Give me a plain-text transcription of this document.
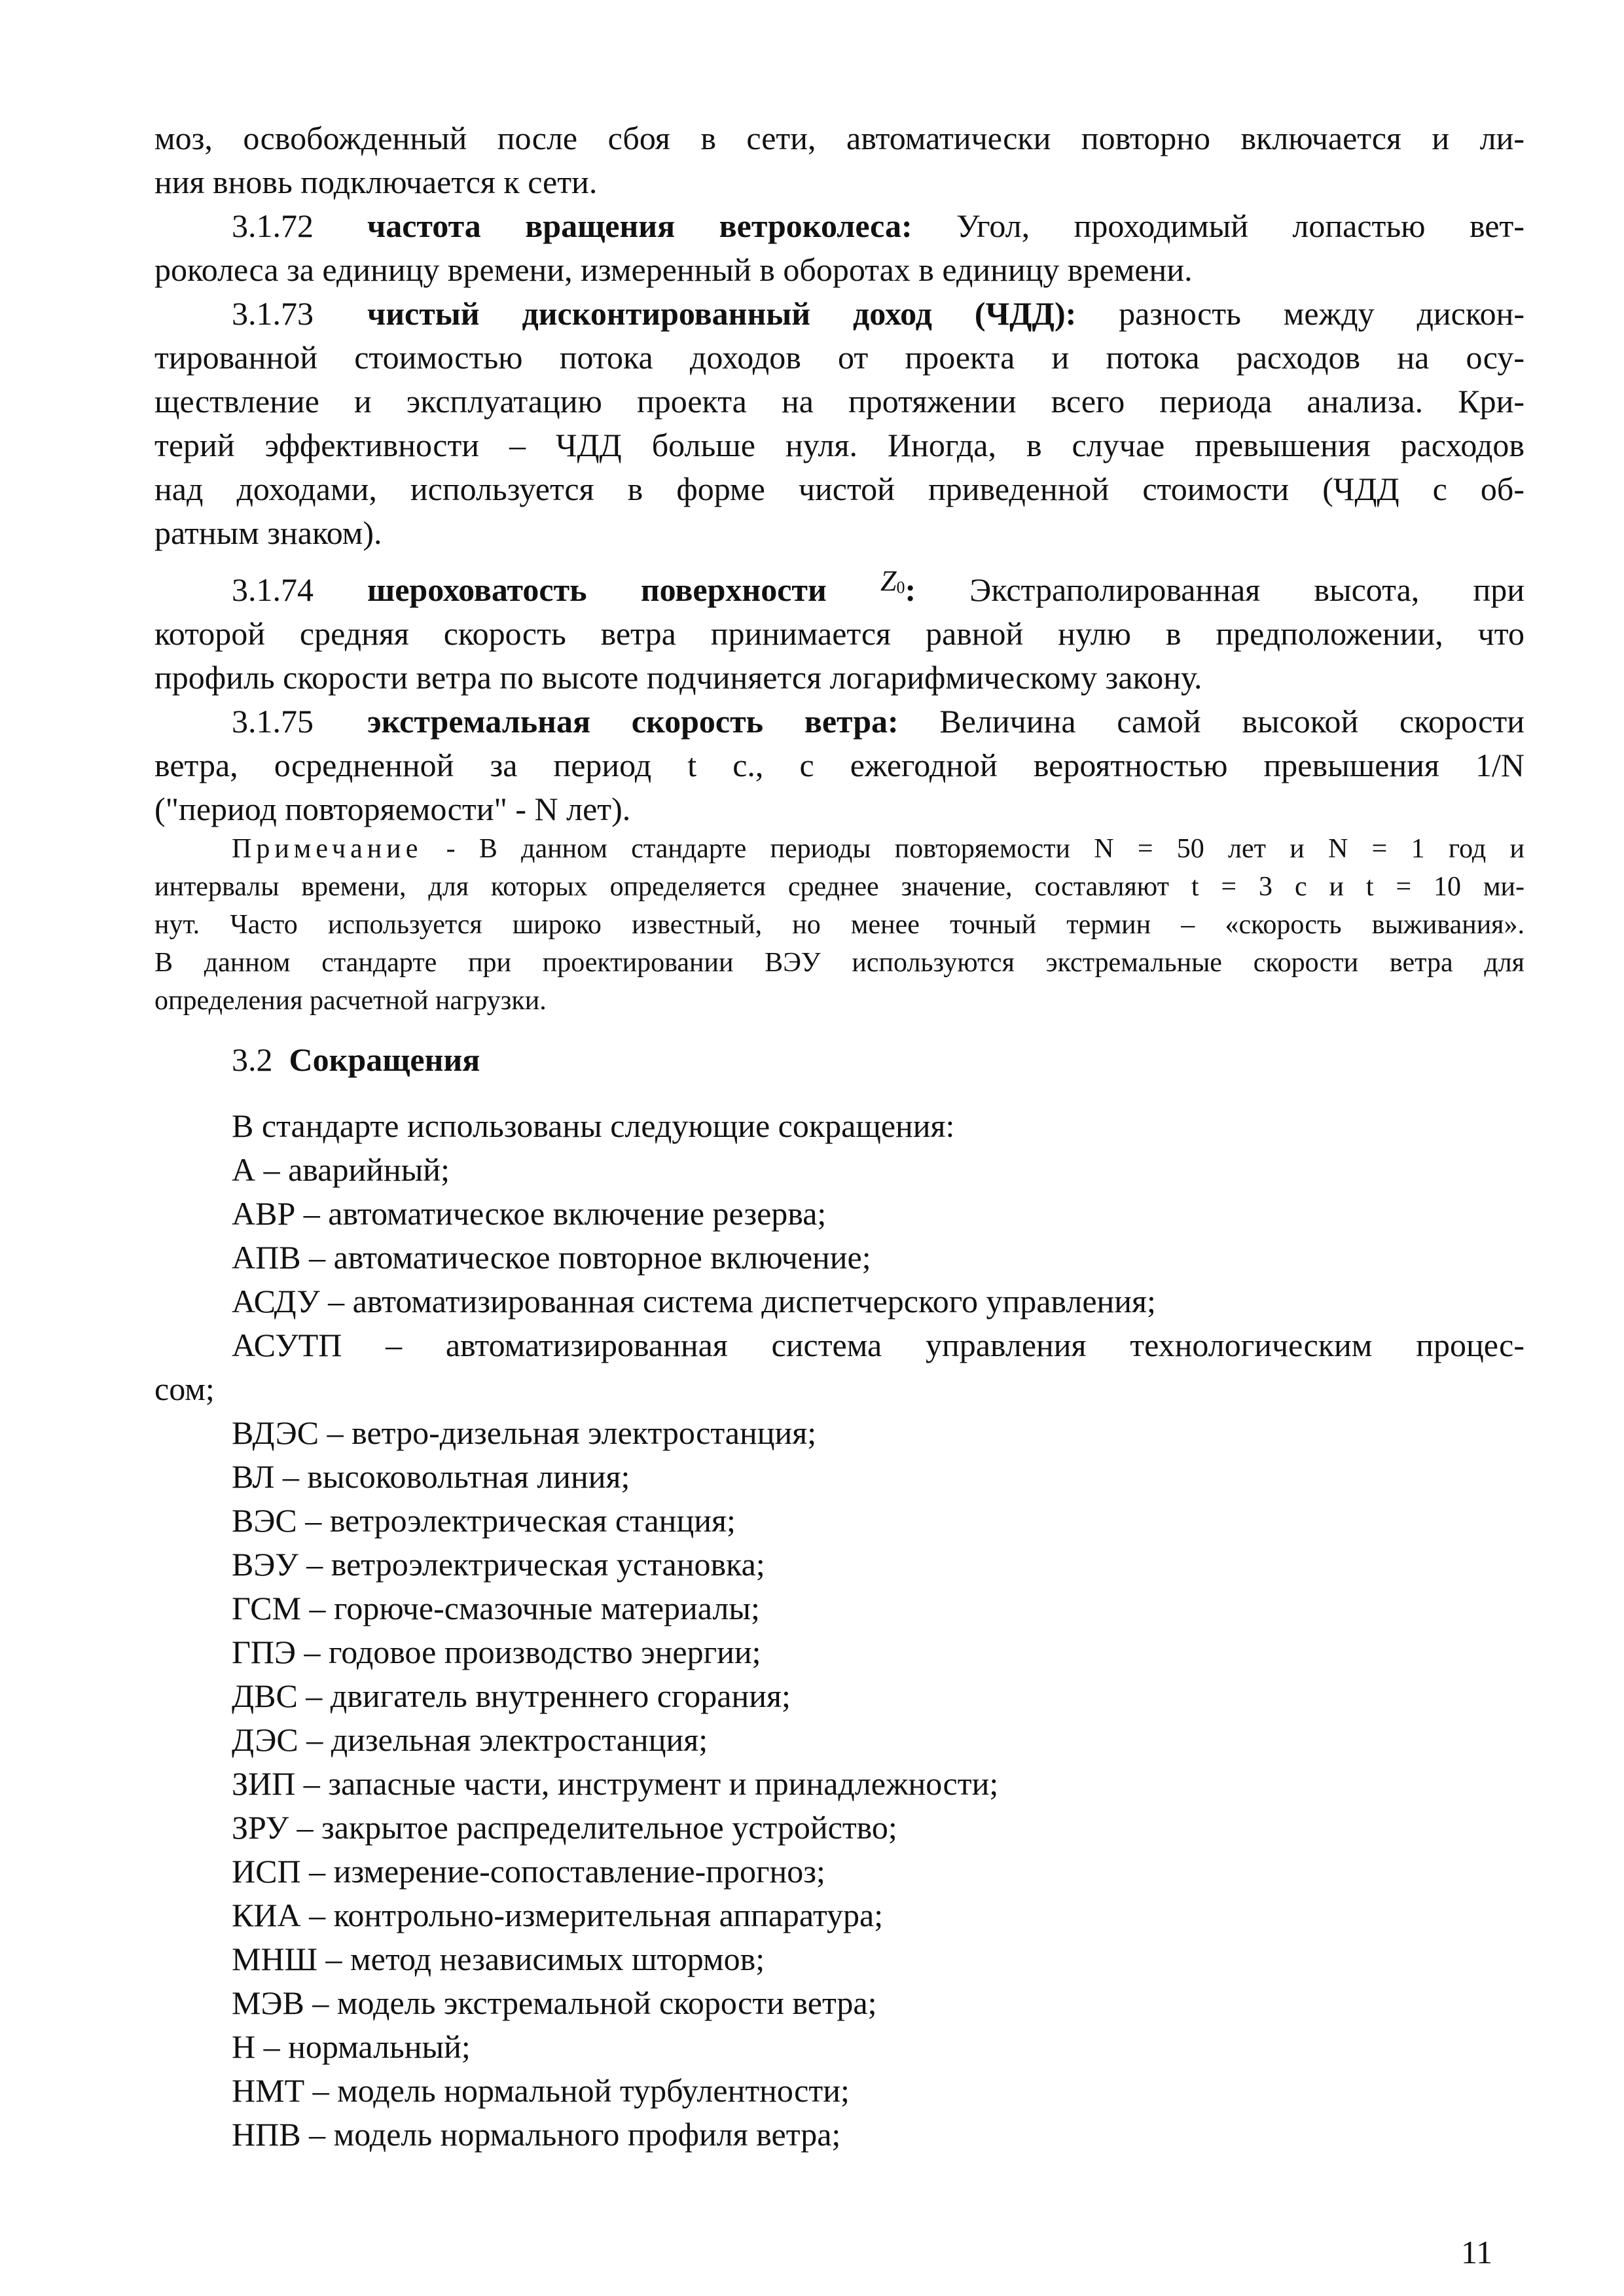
моз, освобожденный после сбоя в сети, автоматически повторно включается и ли-

ния вновь подключается к сети.

3.1.72 частота вращения ветроколеса: Угол, проходимый лопастью вет-

роколеса за единицу времени, измеренный в оборотах в единицу времени.

3.1.73 чистый дисконтированный доход (ЧДД): разность между дискон-

тированной стоимостью потока доходов от проекта и потока расходов на осу-

ществление и эксплуатацию проекта на протяжении всего периода анализа. Кри-

терий эффективности – ЧДД больше нуля. Иногда, в случае превышения расходов

над доходами, используется в форме чистой приведенной стоимости (ЧДД с об-

ратным знаком).

3.1.74 шероховатость поверхности $Z_0$: Экстраполированная высота, при

которой средняя скорость ветра принимается равной нулю в предположении, что

профиль скорости ветра по высоте подчиняется логарифмическому закону.

3.1.75 экстремальная скорость ветра: Величина самой высокой скорости

ветра, осредненной за период t с., с ежегодной вероятностью превышения 1/N

("период повторяемости" - N лет).

Примечание - В данном стандарте периоды повторяемости N = 50 лет и N = 1 год и

интервалы времени, для которых определяется среднее значение, составляют t = 3 с и t = 10 ми-

нут. Часто используется широко известный, но менее точный термин – «скорость выживания».

В данном стандарте при проектировании ВЭУ используются экстремальные скорости ветра для

определения расчетной нагрузки.

3.2 Сокращения

В стандарте использованы следующие сокращения:

А – аварийный;

АВР – автоматическое включение резерва;

АПВ – автоматическое повторное включение;

АСДУ – автоматизированная система диспетчерского управления;

АСУТП – автоматизированная система управления технологическим процес-

сом;

ВДЭС – ветро-дизельная электростанция;

ВЛ – высоковольтная линия;

ВЭС – ветроэлектрическая станция;

ВЭУ – ветроэлектрическая установка;

ГСМ – горюче-смазочные материалы;

ГПЭ – годовое производство энергии;

ДВС – двигатель внутреннего сгорания;

ДЭС – дизельная электростанция;

ЗИП – запасные части, инструмент и принадлежности;

ЗРУ – закрытое распределительное устройство;

ИСП – измерение-сопоставление-прогноз;

КИА – контрольно-измерительная аппаратура;

МНШ – метод независимых штормов;

МЭВ – модель экстремальной скорости ветра;

Н – нормальный;

НМТ – модель нормальной турбулентности;

НПВ – модель нормального профиля ветра;

11
